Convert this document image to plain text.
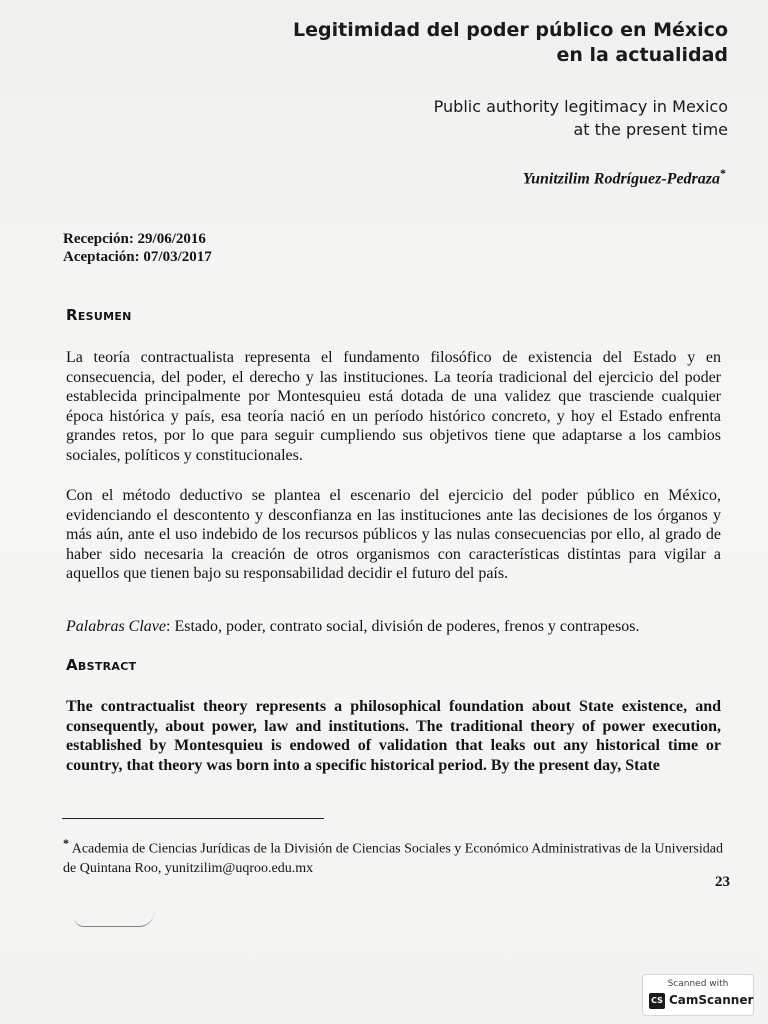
Legitimidad del poder público en México
en la actualidad
Public authority legitimacy in Mexico
at the present time
Yunitzilim Rodríguez-Pedraza*
Recepción: 29/06/2016
Aceptación: 07/03/2017
Resumen
La teoría contractualista representa el fundamento filosófico de existencia del Estado y en consecuencia, del poder, el derecho y las instituciones. La teoría tradicional del ejercicio del poder establecida principalmente por Montesquieu está dotada de una validez que trasciende cualquier época histórica y país, esa teoría nació en un período histórico concreto, y hoy el Estado enfrenta grandes retos, por lo que para seguir cumpliendo sus objetivos tiene que adaptarse a los cambios sociales, políticos y constitucionales.
Con el método deductivo se plantea el escenario del ejercicio del poder público en México, evidenciando el descontento y desconfianza en las instituciones ante las decisiones de los órganos y más aún, ante el uso indebido de los recursos públicos y las nulas consecuencias por ello, al grado de haber sido necesaria la creación de otros organismos con características distintas para vigilar a aquellos que tienen bajo su responsabilidad decidir el futuro del país.
Palabras Clave: Estado, poder, contrato social, división de poderes, frenos y contrapesos.
Abstract
The contractualist theory represents a philosophical foundation about State existence, and consequently, about power, law and institutions. The traditional theory of power execution, established by Montesquieu is endowed of validation that leaks out any historical time or country, that theory was born into a specific historical period. By the present day, State
* Academia de Ciencias Jurídicas de la División de Ciencias Sociales y Económico Administrativas de la Universidad de Quintana Roo, yunitzilim@uqroo.edu.mx
23
Scanned with
CS CamScanner
